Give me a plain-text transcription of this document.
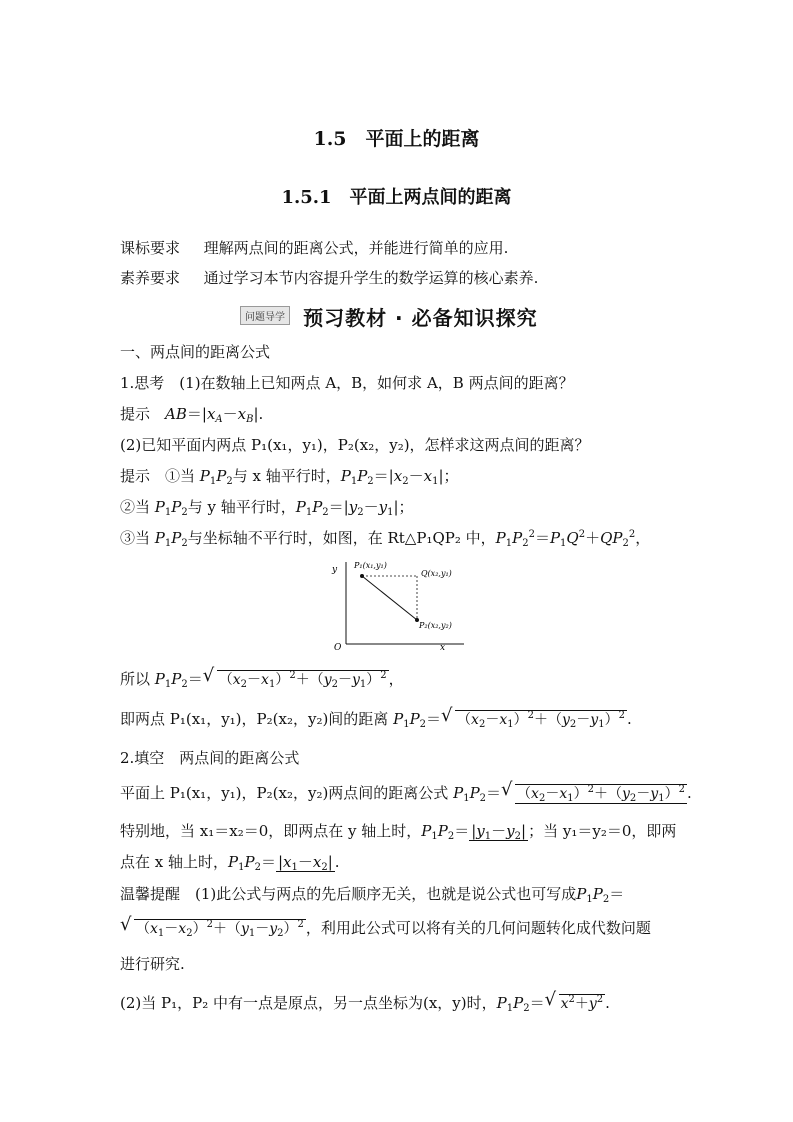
1.5　平面上的距离
1.5.1　平面上两点间的距离
课标要求 理解两点间的距离公式，并能进行简单的应用.
素养要求 通过学习本节内容提升学生的数学运算的核心素养.
问题导学 预习教材 · 必备知识探究
一、两点间的距离公式
1.思考　(1)在数轴上已知两点 A，B，如何求 A，B 两点间的距离？
提示　$AB=|x_A-x_B|$.
(2)已知平面内两点 P₁(x₁，y₁)，P₂(x₂，y₂)，怎样求这两点间的距离？
提示　①当 $P_1P_2$与 x 轴平行时，$P_1P_2=|x_2-x_1|$；
②当 $P_1P_2$与 y 轴平行时，$P_1P_2=|y_2-y_1|$；
③当 $P_1P_2$与坐标轴不平行时，如图，在 Rt△P₁QP₂ 中，$P_1P_2^2=P_1Q^2+QP_2^2$，
y
x
O
P₁(x₁,y₁)
Q(x₂,y₁)
P₂(x₂,y₂)
所以 $P_1P_2=$ √ $(x_2-x_1)^2+(y_2-y_1)^2$ ，
即两点 P₁(x₁，y₁)，P₂(x₂，y₂)间的距离 $P_1P_2=$ √ $(x_2-x_1)^2+(y_2-y_1)^2$ .
2.填空　两点间的距离公式
平面上 P₁(x₁，y₁)，P₂(x₂，y₂)两点间的距离公式 $P_1P_2=$ √ $(x_2-x_1)^2+(y_2-y_1)^2$ .
特别地，当 x₁＝x₂＝0，即两点在 y 轴上时，$P_1P_2= |y_1-y_2|$ ；当 y₁＝y₂＝0，即两
点在 x 轴上时，$P_1P_2= |x_1-x_2|$ .
温馨提醒　 (1)此公式与两点的先后顺序无关，也就是说公式也可写成$P_1P_2=$
√ $(x_1-x_2)^2+(y_1-y_2)^2$ ，利用此公式可以将有关的几何问题转化成代数问题
进行研究.
(2)当 P₁，P₂ 中有一点是原点，另一点坐标为(x，y)时，$P_1P_2=$ √ $x^2+y^2$ .
